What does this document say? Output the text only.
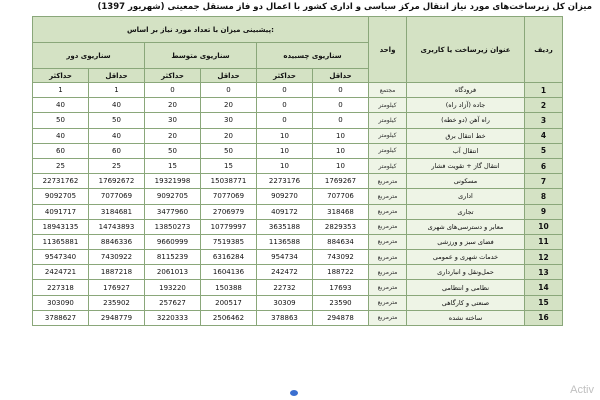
میزان کل زیرساخت‌های مورد نیاز انتقال مرکز سیاسی و اداری کشور با اعمال دو فاز مستقل جمعیتی (شهریور 1397)
پیشبینی میزان با تعداد مورد نیاز بر اساس:						واحد	عنوان زیرساخت یا کاربری	ردیف
سناریوی دور		سناریوی متوسط		سناریوی چسبیده				
حداکثر	حداقل	حداکثر	حداقل	حداکثر	حداقل			
1	1	0	0	0	0	مجتمع	فرودگاه	1
40	40	20	20	0	0	کیلومتر	جاده (آزاد راه)	2
50	50	30	30	0	0	کیلومتر	راه آهن (دو خطه)	3
40	40	20	20	10	10	کیلومتر	خط انتقال برق	4
60	60	50	50	10	10	کیلومتر	انتقال آب	5
25	25	15	15	10	10	کیلومتر	انتقال گاز + تقویت فشار	6
22731762	17692672	19321998	15038771	2273176	1769267	مترمربع	مسکونی	7
9092705	7077069	9092705	7077069	909270	707706	مترمربع	اداری	8
4091717	3184681	3477960	2706979	409172	318468	مترمربع	تجاری	9
18943135	14743893	13850273	10779997	3635188	2829353	مترمربع	معابر و دسترسی‌های شهری	10
11365881	8846336	9660999	7519385	1136588	884634	مترمربع	فضای سبز و ورزشی	11
9547340	7430922	8115239	6316284	954734	743092	مترمربع	خدمات شهری و عمومی	12
2424721	1887218	2061013	1604136	242472	188722	مترمربع	حمل‌ونقل و انبارداری	13
227318	176927	193220	150388	22732	17693	مترمربع	نظامی و انتظامی	14
303090	235902	257627	200517	30309	23590	مترمربع	صنعتی و کارگاهی	15
3788627	2948779	3220333	2506462	378863	294878	مترمربع	ساخته نشده	16
Activ
